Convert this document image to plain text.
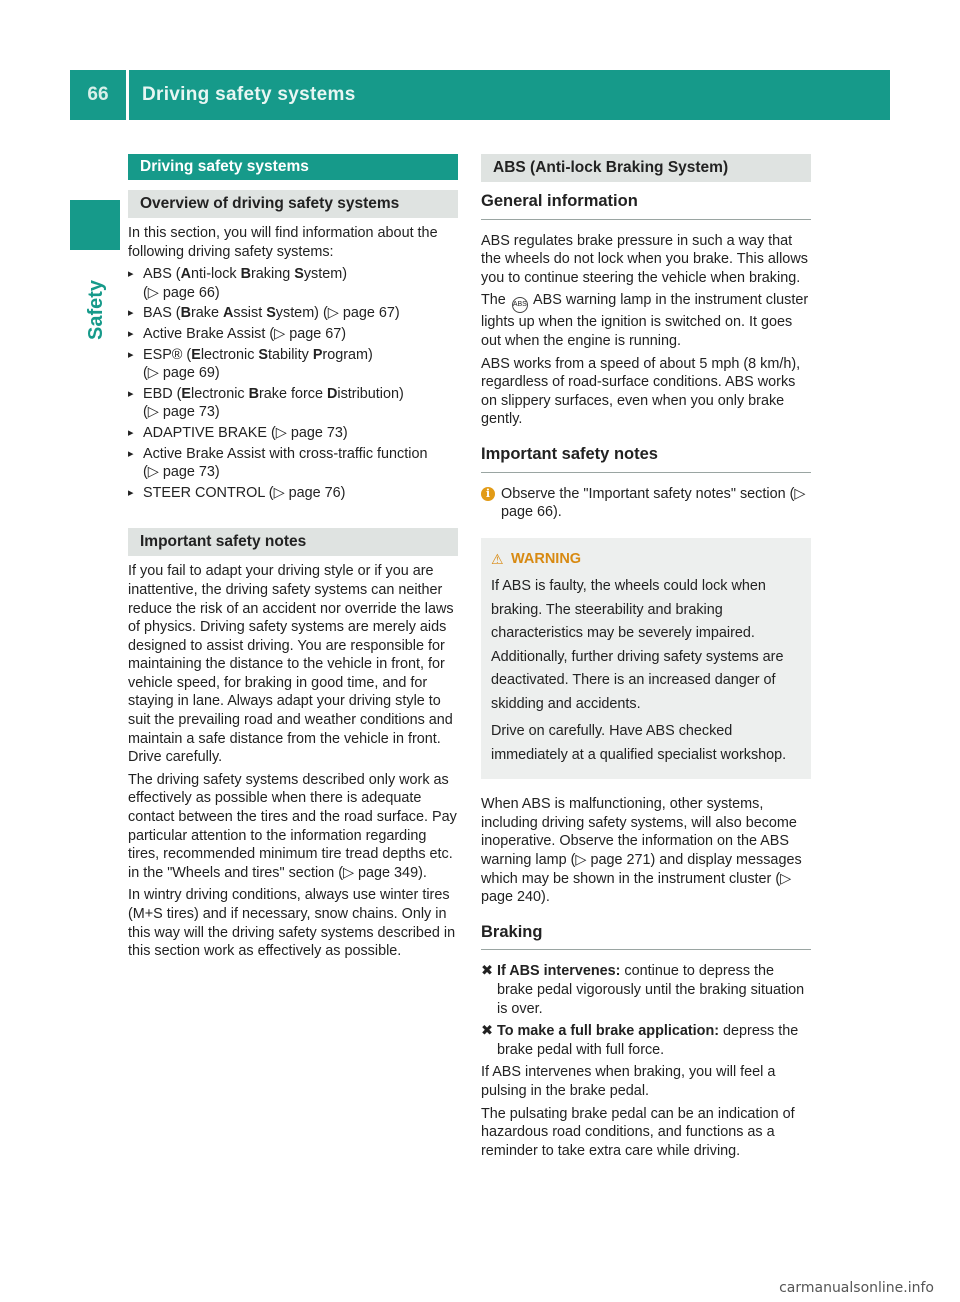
66	Driving safety systems
Safety
Driving safety systems
Overview of driving safety systems

In this section, you will find information about the following driving safety systems:

▸ ABS (Anti-lock Braking System)
(▷ page 66)
▸ BAS (Brake Assist System) (▷ page 67)
▸ Active Brake Assist (▷ page 67)
▸ ESP® (Electronic Stability Program)
(▷ page 69)
▸ EBD (Electronic Brake force Distribution)
(▷ page 73)
▸ ADAPTIVE BRAKE (▷ page 73)
▸ Active Brake Assist with cross-traffic function
(▷ page 73)
▸ STEER CONTROL (▷ page 76)
Important safety notes

If you fail to adapt your driving style or if you are inattentive, the driving safety systems can neither reduce the risk of an accident nor override the laws of physics. Driving safety systems are merely aids designed to assist driving. You are responsible for maintaining the distance to the vehicle in front, for vehicle speed, for braking in good time, and for staying in lane. Always adapt your driving style to suit the prevailing road and weather conditions and maintain a safe distance from the vehicle in front. Drive carefully.

The driving safety systems described only work as effectively as possible when there is adequate contact between the tires and the road surface. Pay particular attention to the information regarding tires, recommended minimum tire tread depths etc. in the "Wheels and tires" section (▷ page 349).

In wintry driving conditions, always use winter tires (M+S tires) and if necessary, snow chains. Only in this way will the driving safety systems described in this section work as effectively as possible.

ABS (Anti-lock Braking System)
General information

ABS regulates brake pressure in such a way that the wheels do not lock when you brake. This allows you to continue steering the vehicle when braking.

The ABS ABS warning lamp in the instrument cluster lights up when the ignition is switched on. It goes out when the engine is running.

ABS works from a speed of about 5 mph (8 km/h), regardless of road-surface conditions. ABS works on slippery surfaces, even when you only brake gently.

Important safety notes
i Observe the "Important safety notes" section (▷ page 66).
⚠ WARNING

If ABS is faulty, the wheels could lock when braking. The steerability and braking characteristics may be severely impaired. Additionally, further driving safety systems are deactivated. There is an increased danger of skidding and accidents.

Drive on carefully. Have ABS checked immediately at a qualified specialist workshop.

When ABS is malfunctioning, other systems, including driving safety systems, will also become inoperative. Observe the information on the ABS warning lamp (▷ page 271) and display messages which may be shown in the instrument cluster (▷ page 240).

Braking
✖ If ABS intervenes: continue to depress the brake pedal vigorously until the braking situation is over.
✖ To make a full brake application: depress the brake pedal with full force.

If ABS intervenes when braking, you will feel a pulsing in the brake pedal.

The pulsating brake pedal can be an indication of hazardous road conditions, and functions as a reminder to take extra care while driving.

carmanualsonline.info
